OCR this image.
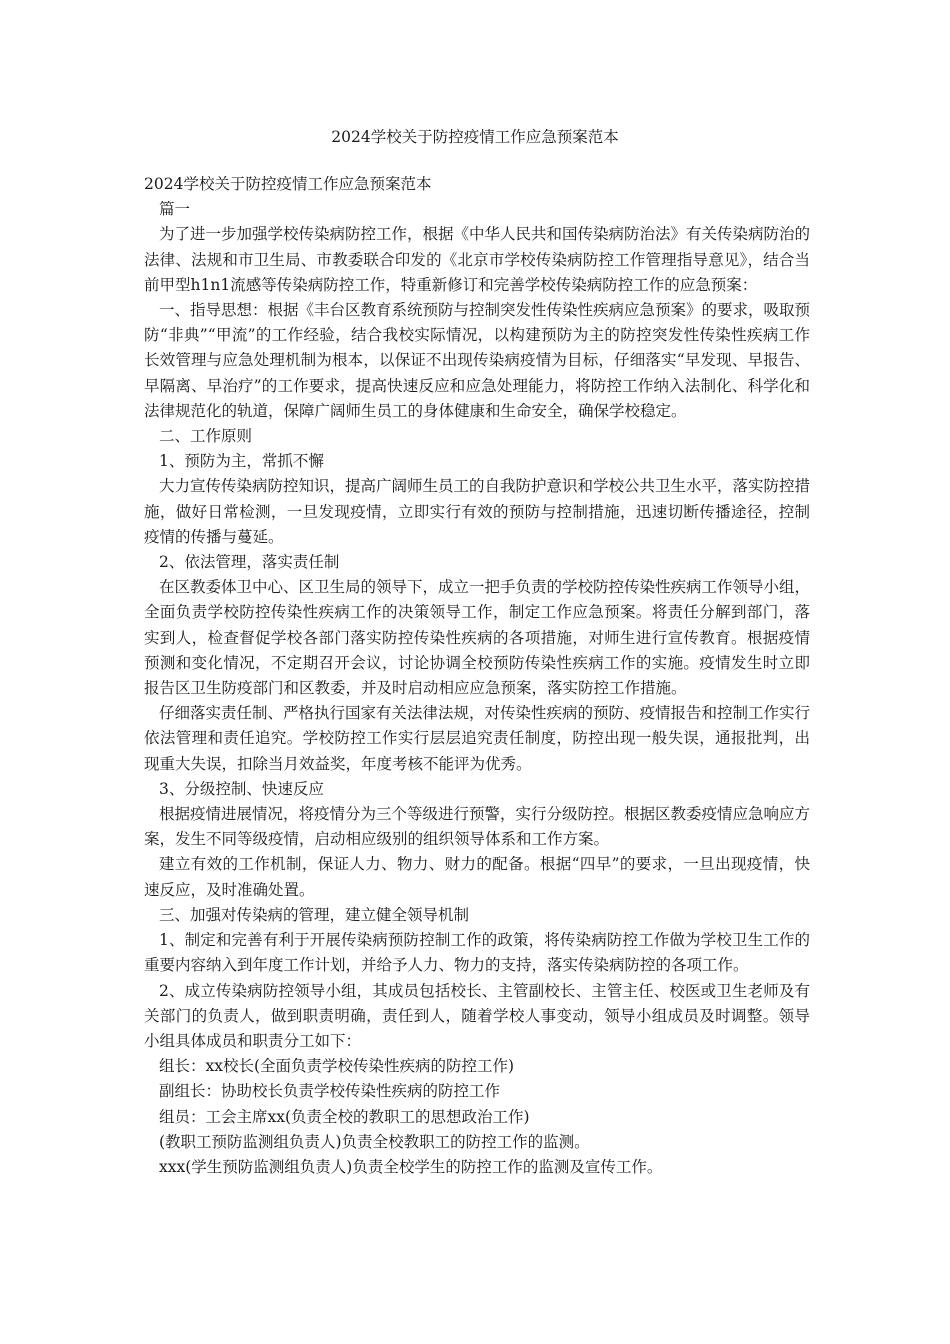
2024学校关于防控疫情工作应急预案范本

2024学校关于防控疫情工作应急预案范本

篇一

为了进一步加强学校传染病防控工作，根据《中华人民共和国传染病防治法》有关传染病防治的法律、法规和市卫生局、市教委联合印发的《北京市学校传染病防控工作管理指导意见》，结合当前甲型h1n1流感等传染病防控工作，特重新修订和完善学校传染病防控工作的应急预案：

一、指导思想：根据《丰台区教育系统预防与控制突发性传染性疾病应急预案》的要求，吸取预防“非典”“甲流”的工作经验，结合我校实际情况，以构建预防为主的防控突发性传染性疾病工作长效管理与应急处理机制为根本，以保证不出现传染病疫情为目标，仔细落实“早发现、早报告、早隔离、早治疗”的工作要求，提高快速反应和应急处理能力，将防控工作纳入法制化、科学化和法律规范化的轨道，保障广阔师生员工的身体健康和生命安全，确保学校稳定。

二、工作原则

1、预防为主，常抓不懈

大力宣传传染病防控知识，提高广阔师生员工的自我防护意识和学校公共卫生水平，落实防控措施，做好日常检测，一旦发现疫情，立即实行有效的预防与控制措施，迅速切断传播途径，控制疫情的传播与蔓延。

2、依法管理，落实责任制

在区教委体卫中心、区卫生局的领导下，成立一把手负责的学校防控传染性疾病工作领导小组，全面负责学校防控传染性疾病工作的决策领导工作，制定工作应急预案。将责任分解到部门，落实到人，检查督促学校各部门落实防控传染性疾病的各项措施，对师生进行宣传教育。根据疫情预测和变化情况，不定期召开会议，讨论协调全校预防传染性疾病工作的实施。疫情发生时立即报告区卫生防疫部门和区教委，并及时启动相应应急预案，落实防控工作措施。

仔细落实责任制、严格执行国家有关法律法规，对传染性疾病的预防、疫情报告和控制工作实行依法管理和责任追究。学校防控工作实行层层追究责任制度，防控出现一般失误，通报批判，出现重大失误，扣除当月效益奖，年度考核不能评为优秀。

3、分级控制、快速反应

根据疫情进展情况，将疫情分为三个等级进行预警，实行分级防控。根据区教委疫情应急响应方案，发生不同等级疫情，启动相应级别的组织领导体系和工作方案。

建立有效的工作机制，保证人力、物力、财力的配备。根据“四早”的要求，一旦出现疫情，快速反应，及时准确处置。

三、加强对传染病的管理，建立健全领导机制

1、制定和完善有利于开展传染病预防控制工作的政策，将传染病防控工作做为学校卫生工作的重要内容纳入到年度工作计划，并给予人力、物力的支持，落实传染病防控的各项工作。

2、成立传染病防控领导小组，其成员包括校长、主管副校长、主管主任、校医或卫生老师及有关部门的负责人，做到职责明确，责任到人，随着学校人事变动，领导小组成员及时调整。领导小组具体成员和职责分工如下：

组长：xx校长(全面负责学校传染性疾病的防控工作)

副组长：协助校长负责学校传染性疾病的防控工作

组员：工会主席xx(负责全校的教职工的思想政治工作)

(教职工预防监测组负责人)负责全校教职工的防控工作的监测。

xxx(学生预防监测组负责人)负责全校学生的防控工作的监测及宣传工作。
